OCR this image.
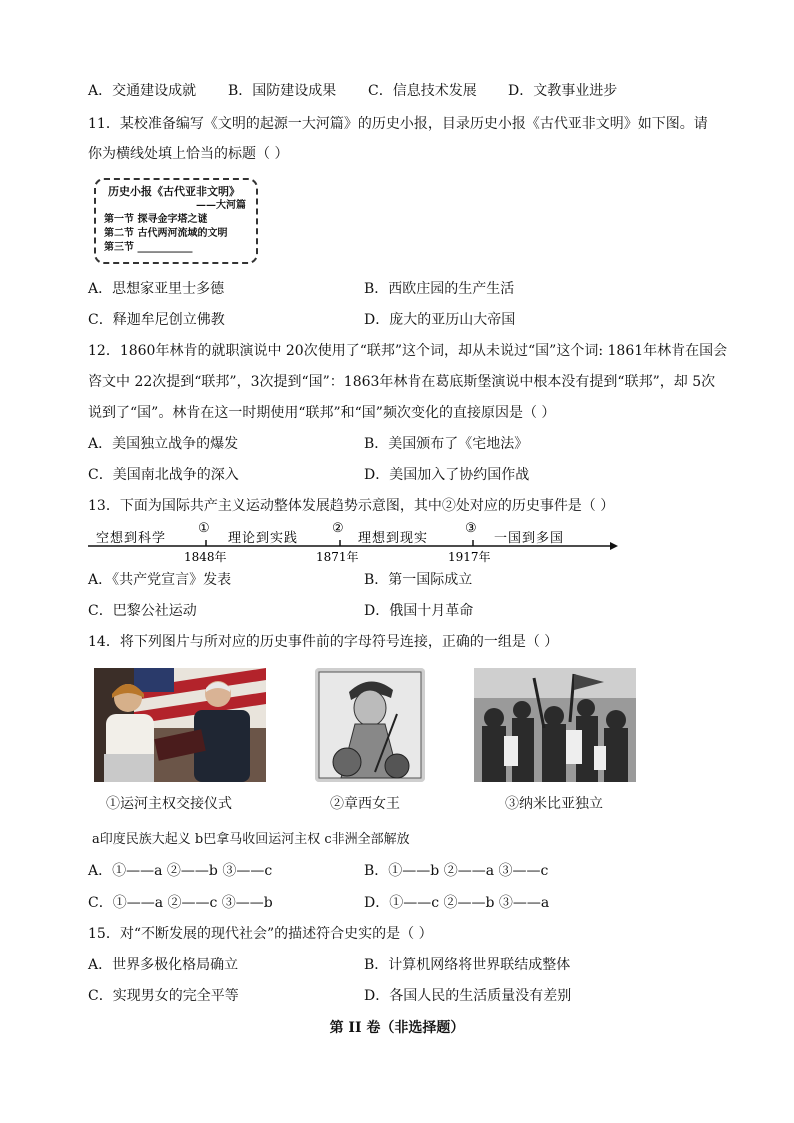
A．交通建设成就	B．国防建设成果	C．信息技术发展	D．文教事业进步
11．某校准备编写《文明的起源一大河篇》的历史小报，目录历史小报《古代亚非文明》如下图。请
你为横线处填上恰当的标题（ ）
历史小报《古代亚非文明》
——大河篇
第一节 探寻金字塔之谜
第二节 古代两河流域的文明
第三节 ___________
A．思想家亚里士多德	B．西欧庄园的生产生活
C．释迦牟尼创立佛教	D．庞大的亚历山大帝国
12．1860年林肯的就职演说中 20次使用了“联邦”这个词，却从未说过“国”这个词: 1861年林肯在国会
咨文中 22次提到“联邦”，3次提到“国”：1863年林肯在葛底斯堡演说中根本没有提到“联邦”，却 5次
说到了“国”。林肯在这一时期使用“联邦”和“国”频次变化的直接原因是（ ）
A．美国独立战争的爆发	B．美国颁布了《宅地法》
C．美国南北战争的深入	D．美国加入了协约国作战
13．下面为国际共产主义运动整体发展趋势示意图，其中②处对应的历史事件是（ ）
空想到科学	理论到实践	理想到现实	一国到多国
①	②	③
1848年	1871年	1917年
A．《共产党宣言》发表	B．第一国际成立
C．巴黎公社运动	D．俄国十月革命
14．将下列图片与所对应的历史事件前的字母符号连接，正确的一组是（ ）
①运河主权交接仪式	②章西女王	③纳米比亚独立
a印度民族大起义 b巴拿马收回运河主权 c非洲全部解放
A．①——a ②——b ③——c	B．①——b ②——a ③——c
C．①——a ②——c ③——b	D．①——c ②——b ③——a
15．对“不断发展的现代社会”的描述符合史实的是（ ）
A．世界多极化格局确立	B．计算机网络将世界联结成整体
C．实现男女的完全平等	D．各国人民的生活质量没有差别
第 II 卷（非选择题）
